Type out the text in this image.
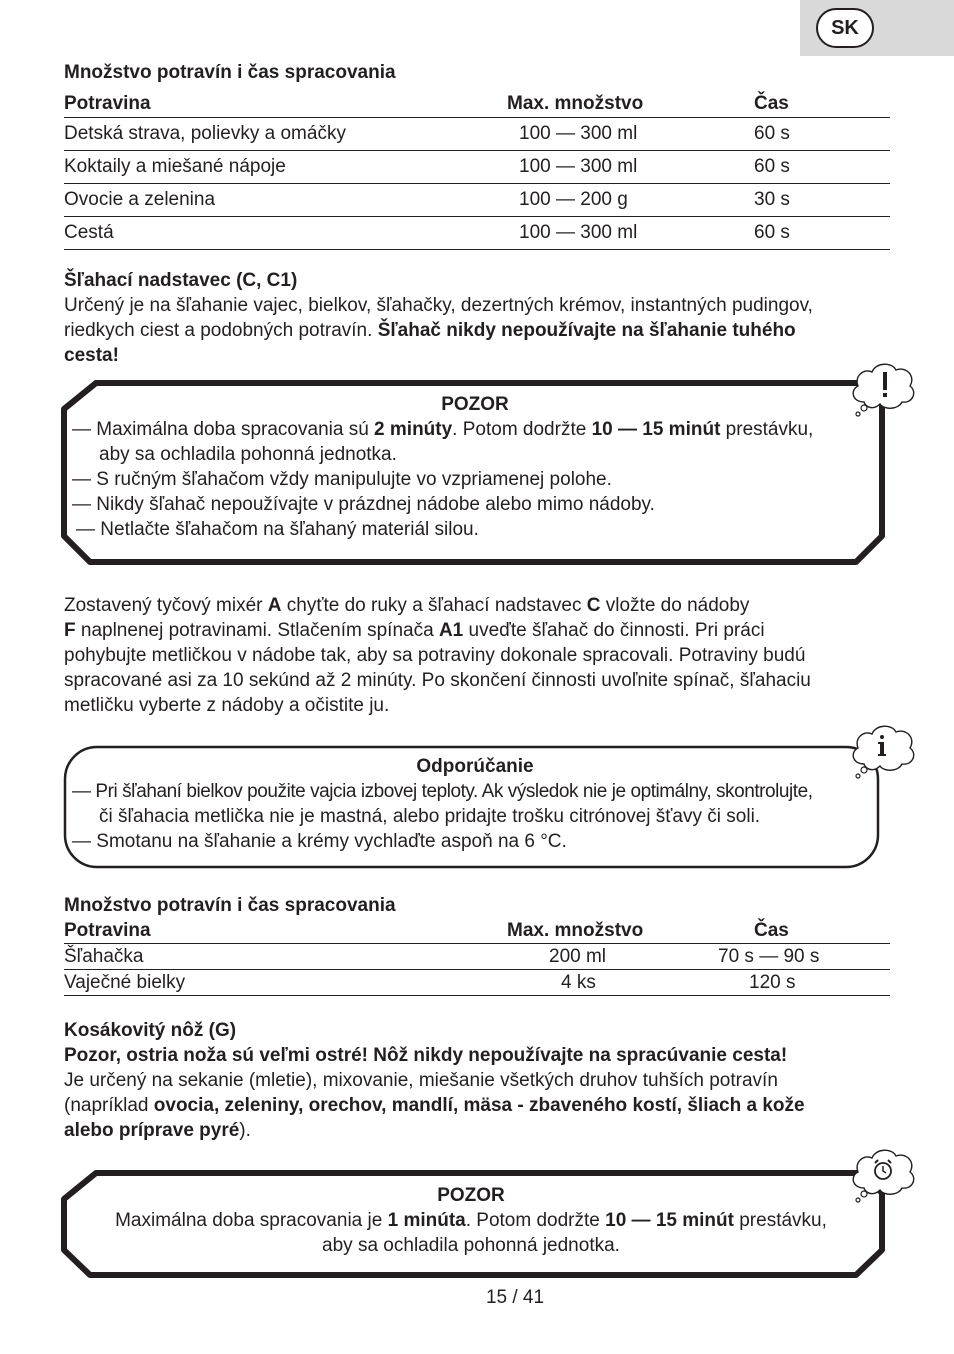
SK
Množstvo potravín i čas spracovania
Potravina	Max. množstvo	Čas
Detská strava, polievky a omáčky	100 — 300 ml	60 s
Koktaily a miešané nápoje	100 — 300 ml	60 s
Ovocie a zelenina	100 — 200 g	30 s
Cestá	100 — 300 ml	60 s
Šľahací nadstavec (C, C1)
Určený je na šľahanie vajec, bielkov, šľahačky, dezertných krémov, instantných pudingov,
riedkych ciest a podobných potravín. Šľahač nikdy nepoužívajte na šľahanie tuhého
cesta!
POZOR
— Maximálna doba spracovania sú 2 minúty. Potom dodržte 10 — 15 minút prestávku,
aby sa ochladila pohonná jednotka.
— S ručným šľahačom vždy manipulujte vo vzpriamenej polohe.
— Nikdy šľahač nepoužívajte v prázdnej nádobe alebo mimo nádoby.
— Netlačte šľahačom na šľahaný materiál silou.
Zostavený tyčový mixér A chyťte do ruky a šľahací nadstavec C vložte do nádoby
F naplnenej potravinami. Stlačením spínača A1 uveďte šľahač do činnosti. Pri práci
pohybujte metličkou v nádobe tak, aby sa potraviny dokonale spracovali. Potraviny budú
spracované asi za 10 sekúnd až 2 minúty. Po skončení činnosti uvoľnite spínač, šľahaciu
metličku vyberte z nádoby a očistite ju.
Odporúčanie
— Pri šľahaní bielkov použite vajcia izbovej teploty. Ak výsledok nie je optimálny, skontrolujte,
či šľahacia metlička nie je mastná, alebo pridajte trošku citrónovej šťavy či soli.
— Smotanu na šľahanie a krémy vychlaďte aspoň na 6 °C.
Množstvo potravín i čas spracovania
Potravina	Max. množstvo	Čas
Šľahačka	200 ml	70 s — 90 s
Vaječné bielky	4 ks	120 s
Kosákovitý nôž (G)
Pozor, ostria noža sú veľmi ostré! Nôž nikdy nepoužívajte na spracúvanie cesta!
Je určený na sekanie (mletie), mixovanie, miešanie všetkých druhov tuhších potravín
(napríklad ovocia, zeleniny, orechov, mandlí, mäsa - zbaveného kostí, šliach a kože
alebo príprave pyré).
POZOR
Maximálna doba spracovania je 1 minúta. Potom dodržte 10 — 15 minút prestávku,
aby sa ochladila pohonná jednotka.
15 / 41
